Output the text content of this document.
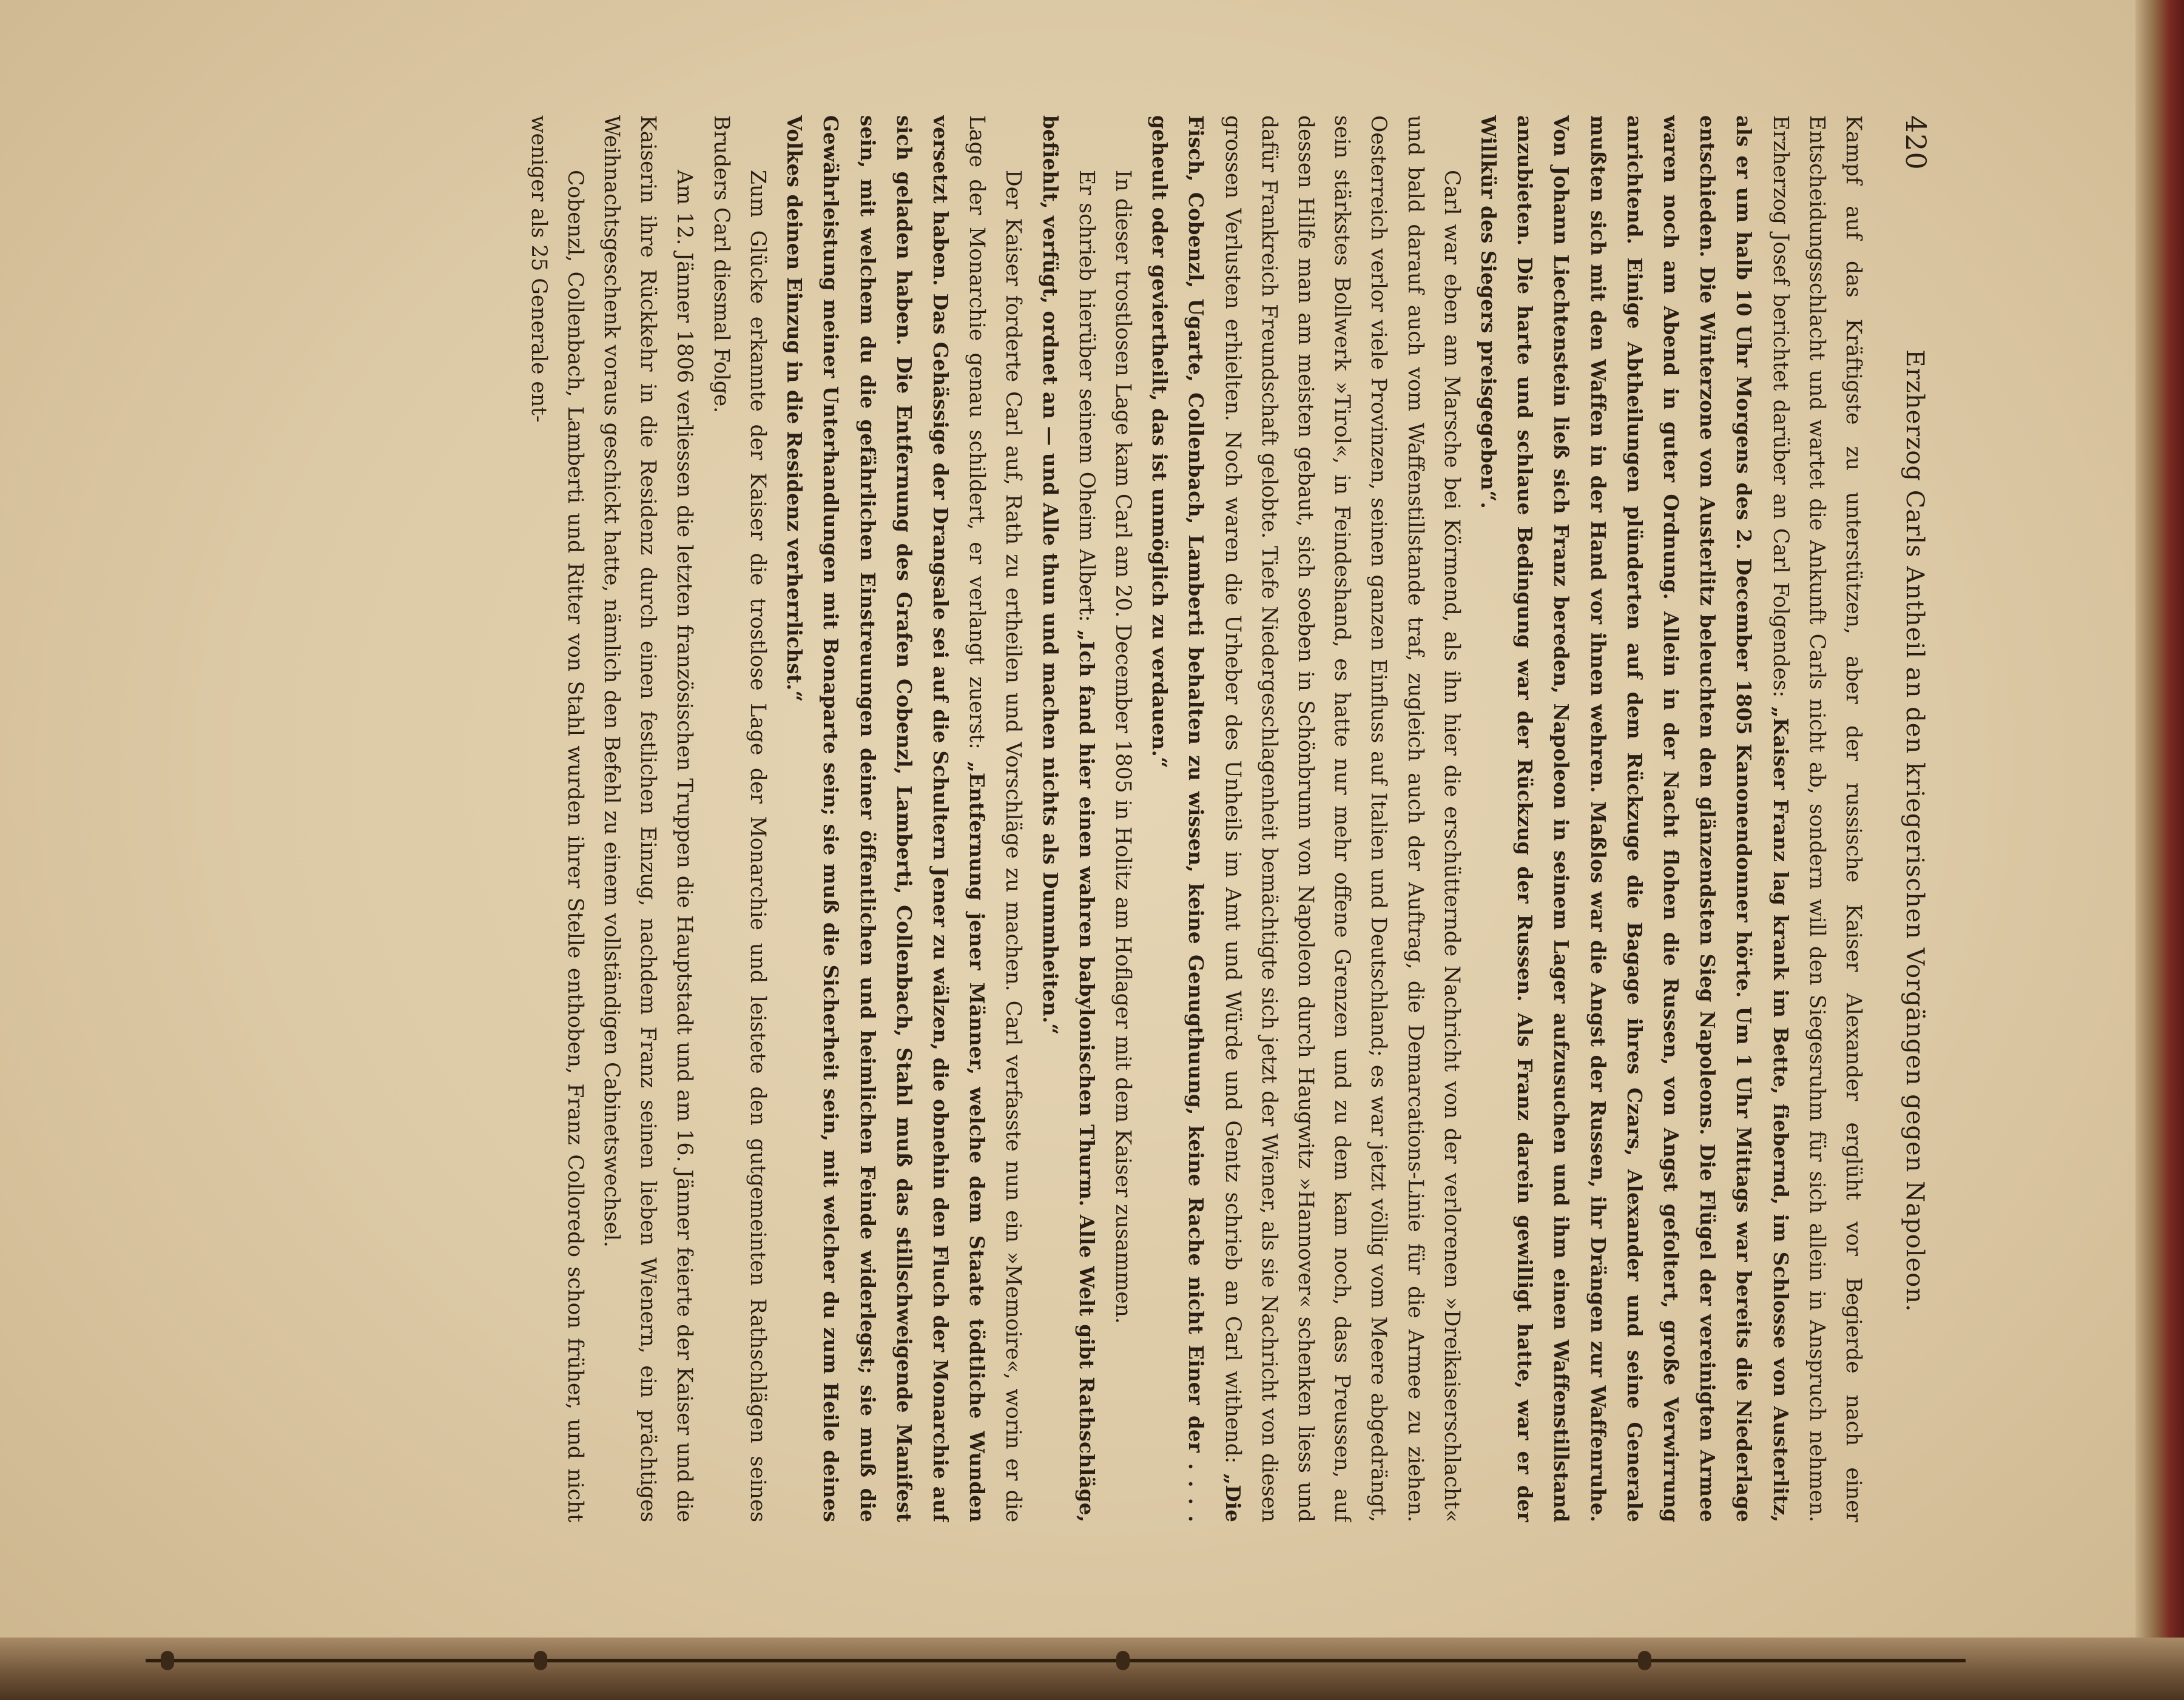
420
Erzherzog Carls Antheil an den kriegerischen Vorgängen gegen Napoleon.

Kampf auf das Kräftigste zu unterstützen, aber der russische Kaiser Alexander erglüht vor Begierde nach einer Entscheidungsschlacht und wartet die Ankunft Carls nicht ab, sondern will den Siegesruhm für sich allein in Anspruch nehmen. Erzherzog Josef berichtet darüber an Carl Folgendes: „Kaiser Franz lag krank im Bette, fiebernd, im Schlosse von Austerlitz, als er um halb 10 Uhr Morgens des 2. December 1805 Kanonendonner hörte. Um 1 Uhr Mittags war bereits die Niederlage entschieden. Die Winterzone von Austerlitz beleuchten den glänzendsten Sieg Napoleons. Die Flügel der vereinigten Armee waren noch am Abend in guter Ordnung. Allein in der Nacht flohen die Russen, von Angst gefoltert, große Verwirrung anrichtend. Einige Abtheilungen plünderten auf dem Rückzuge die Bagage ihres Czars, Alexander und seine Generale mußten sich mit den Waffen in der Hand vor ihnen wehren. Maßlos war die Angst der Russen, ihr Drängen zur Waffenruhe. Von Johann Liechtenstein ließ sich Franz bereden, Napoleon in seinem Lager aufzusuchen und ihm einen Waffenstillstand anzubieten. Die harte und schlaue Bedingung war der Rückzug der Russen. Als Franz darein gewilligt hatte, war er der Willkür des Siegers preisgegeben“.

Carl war eben am Marsche bei Körmend, als ihn hier die erschütternde Nachricht von der verlorenen »Dreikaiserschlacht« und bald darauf auch vom Waffenstillstande traf, zugleich auch der Auftrag, die Demarcations-Linie für die Armee zu ziehen. Oesterreich verlor viele Provinzen, seinen ganzen Einfluss auf Italien und Deutschland; es war jetzt völlig vom Meere abgedrängt, sein stärkstes Bollwerk »Tirol«, in Feindeshand, es hatte nur mehr offene Grenzen und zu dem kam noch, dass Preussen, auf dessen Hilfe man am meisten gebaut, sich soeben in Schönbrunn von Napoleon durch Haugwitz »Hannover« schenken liess und dafür Frankreich Freundschaft gelobte. Tiefe Niedergeschlagenheit bemächtigte sich jetzt der Wiener, als sie Nachricht von diesen grossen Verlusten erhielten. Noch waren die Urheber des Unheils im Amt und Würde und Gentz schrieb an Carl withend: „Die Fisch, Cobenzl, Ugarte, Collenbach, Lamberti behalten zu wissen, keine Genugthuung, keine Rache nicht Einer der . . . . geheult oder geviertheilt, das ist unmöglich zu verdauen.“

In dieser trostlosen Lage kam Carl am 20. December 1805 in Holitz am Hoflager mit dem Kaiser zusammen.

Er schrieb hierüber seinem Oheim Albert: „Ich fand hier einen wahren babylonischen Thurm. Alle Welt gibt Rathschläge, befiehlt, verfügt, ordnet an — und Alle thun und machen nichts als Dummheiten.“

Der Kaiser forderte Carl auf, Rath zu ertheilen und Vorschläge zu machen. Carl verfasste nun ein »Memoire«, worin er die Lage der Monarchie genau schildert, er verlangt zuerst: „Entfernung jener Männer, welche dem Staate tödtliche Wunden versetzt haben. Das Gehässige der Drangsale sei auf die Schultern Jener zu wälzen, die obnehin den Fluch der Monarchie auf sich geladen haben. Die Entfernung des Grafen Cobenzl, Lamberti, Collenbach, Stahl muß das stillschweigende Manifest sein, mit welchem du die gefährlichen Einstreuungen deiner öffentlichen und heimlichen Feinde widerlegst; sie muß die Gewährleistung meiner Unterhandlungen mit Bonaparte sein; sie muß die Sicherheit sein, mit welcher du zum Heile deines Volkes deinen Einzug in die Residenz verherrlichst.“

Zum Glücke erkannte der Kaiser die trostlose Lage der Monarchie und leistete den gutgemeinten Rathschlägen seines Bruders Carl diesmal Folge.

Am 12. Jänner 1806 verliessen die letzten französischen Truppen die Hauptstadt und am 16. Jänner feierte der Kaiser und die Kaiserin ihre Rückkehr in die Residenz durch einen festlichen Einzug, nachdem Franz seinen lieben Wienern, ein prächtiges Weihnachtsgeschenk voraus geschickt hatte, nämlich den Befehl zu einem vollständigen Cabinetswechsel.

Cobenzl, Collenbach, Lamberti und Ritter von Stahl wurden ihrer Stelle enthoben, Franz Colloredo schon früher, und nicht weniger als 25 Generale ent-
